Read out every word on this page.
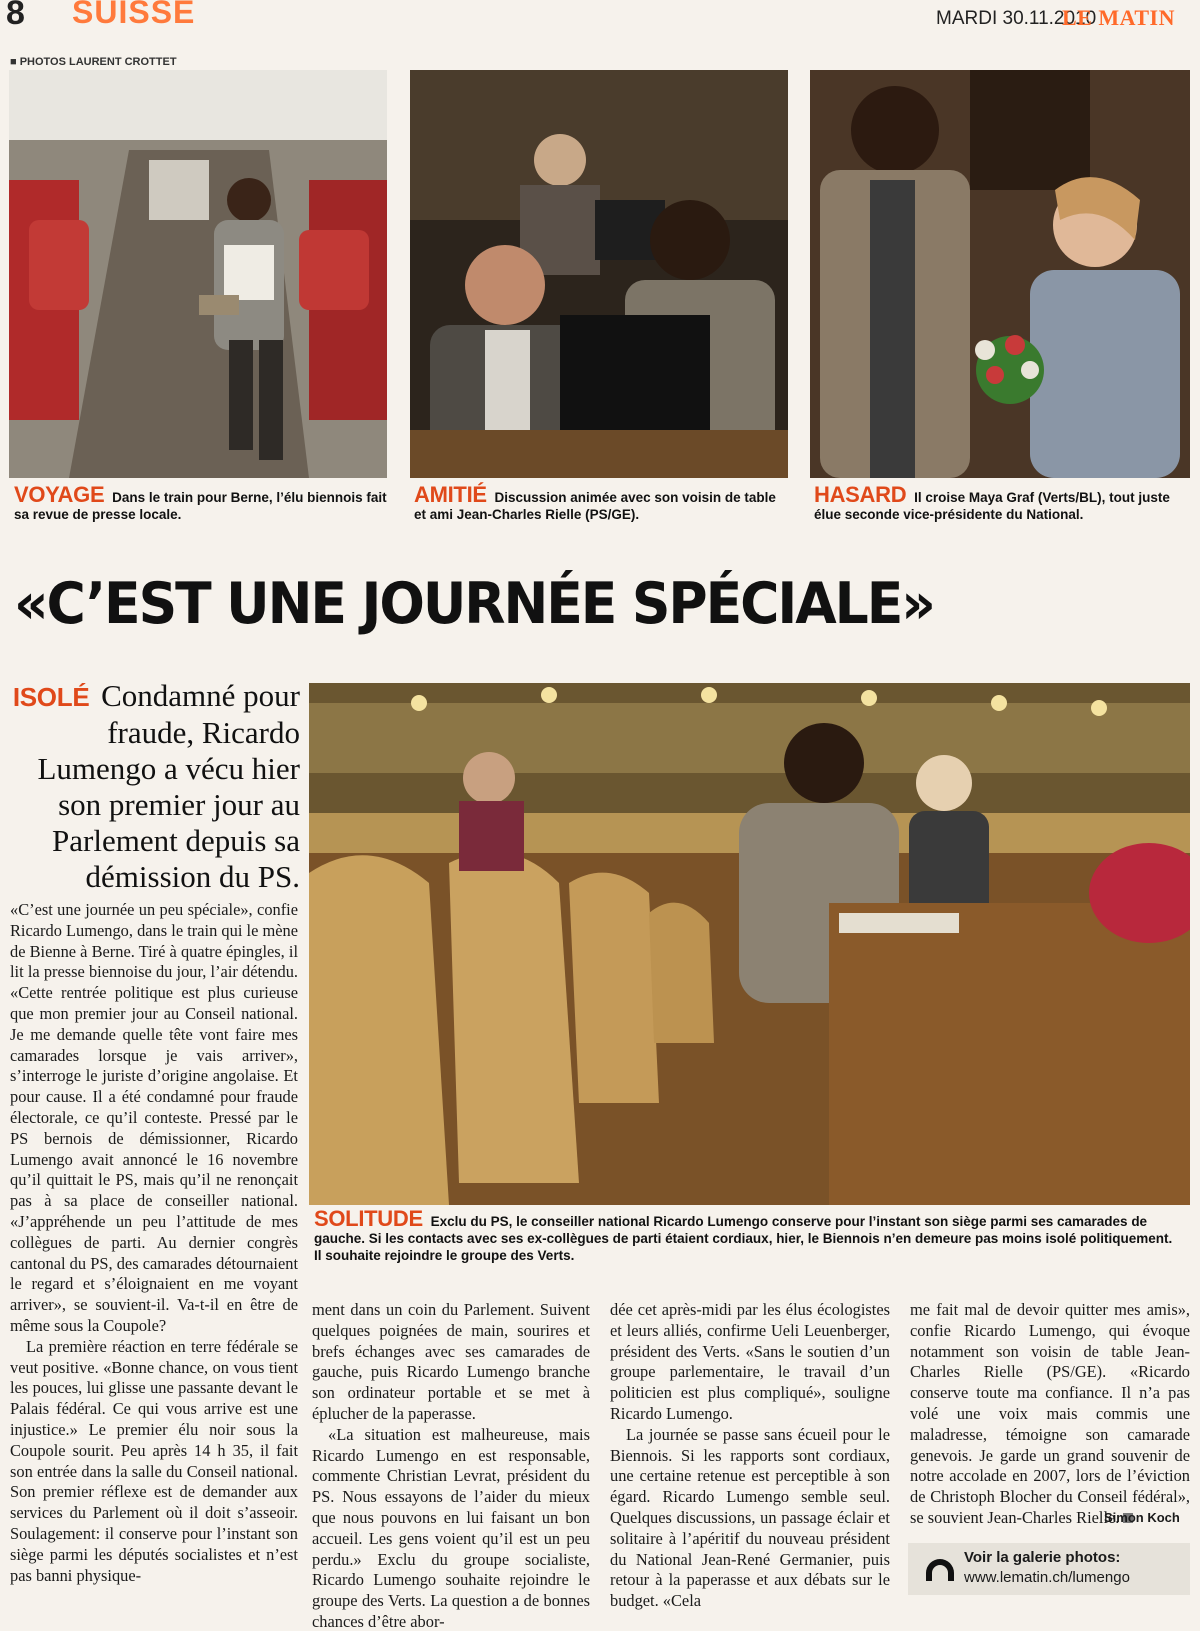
8 SUISSE	MARDI 30.11.2010
LE MATIN
■ PHOTOS LAURENT CROTTET
VOYAGE Dans le train pour Berne, l’élu biennois fait sa revue de presse locale.
AMITIÉ Discussion animée avec son voisin de table et ami Jean-Charles Rielle (PS/GE).
HASARD Il croise Maya Graf (Verts/BL), tout juste élue seconde vice-présidente du National.
«C’EST UNE JOURNÉE SPÉCIALE»
ISOLÉ Condamné pour fraude, Ricardo Lumengo a vécu hier son premier jour au Parlement depuis sa démission du PS.
SOLITUDE Exclu du PS, le conseiller national Ricardo Lumengo conserve pour l’instant son siège parmi ses camarades de gauche. Si les contacts avec ses ex-collègues de parti étaient cordiaux, hier, le Biennois n’en demeure pas moins isolé politiquement. Il souhaite rejoindre le groupe des Verts.

«C’est une journée un peu spéciale», confie Ricardo Lumengo, dans le train qui le mène de Bienne à Berne. Tiré à quatre épingles, il lit la presse biennoise du jour, l’air détendu. «Cette rentrée politique est plus curieuse que mon premier jour au Conseil national. Je me demande quelle tête vont faire mes camarades lorsque je vais arriver», s’interroge le juriste d’origine angolaise. Et pour cause. Il a été condamné pour fraude électorale, ce qu’il conteste. Pressé par le PS bernois de démissionner, Ricardo Lumengo avait annoncé le 16 novembre qu’il quittait le PS, mais qu’il ne renonçait pas à sa place de conseiller national. «J’appréhende un peu l’attitude de mes collègues de parti. Au dernier congrès cantonal du PS, des camarades détournaient le regard et s’éloignaient en me voyant arriver», se souvient-il. Va-t-il en être de même sous la Coupole?

La première réaction en terre fédérale se veut positive. «Bonne chance, on vous tient les pouces, lui glisse une passante devant le Palais fédéral. Ce qui vous arrive est une injustice.» Le premier élu noir sous la Coupole sourit. Peu après 14 h 35, il fait son entrée dans la salle du Conseil national. Son premier réflexe est de demander aux services du Parlement où il doit s’asseoir. Soulagement: il conserve pour l’instant son siège parmi les députés socialistes et n’est pas banni physique-

ment dans un coin du Parlement. Suivent quelques poignées de main, sourires et brefs échanges avec ses camarades de gauche, puis Ricardo Lumengo branche son ordinateur portable et se met à éplucher de la paperasse.

«La situation est malheureuse, mais Ricardo Lumengo en est responsable, commente Christian Levrat, président du PS. Nous essayons de l’aider du mieux que nous pouvons en lui faisant un bon accueil. Les gens voient qu’il est un peu perdu.» Exclu du groupe socialiste, Ricardo Lumengo souhaite rejoindre le groupe des Verts. La question a de bonnes chances d’être abor-

dée cet après-midi par les élus écologistes et leurs alliés, confirme Ueli Leuenberger, président des Verts. «Sans le soutien d’un groupe parlementaire, le travail d’un politicien est plus compliqué», souligne Ricardo Lumengo.

La journée se passe sans écueil pour le Biennois. Si les rapports sont cordiaux, une certaine retenue est perceptible à son égard. Ricardo Lumengo semble seul. Quelques discussions, un passage éclair et solitaire à l’apéritif du nouveau président du National Jean-René Germanier, puis retour à la paperasse et aux débats sur le budget. «Cela

me fait mal de devoir quitter mes amis», confie Ricardo Lumengo, qui évoque notamment son voisin de table Jean-Charles Rielle (PS/GE). «Ricardo conserve toute ma confiance. Il n’a pas volé une voix mais commis une maladresse, témoigne son camarade genevois. Je garde un grand souvenir de notre accolade en 2007, lors de l’éviction de Christoph Blocher du Conseil fédéral», se souvient Jean-Charles Rielle.

Simon Koch
Voir la galerie photos:
www.lematin.ch/lumengo
